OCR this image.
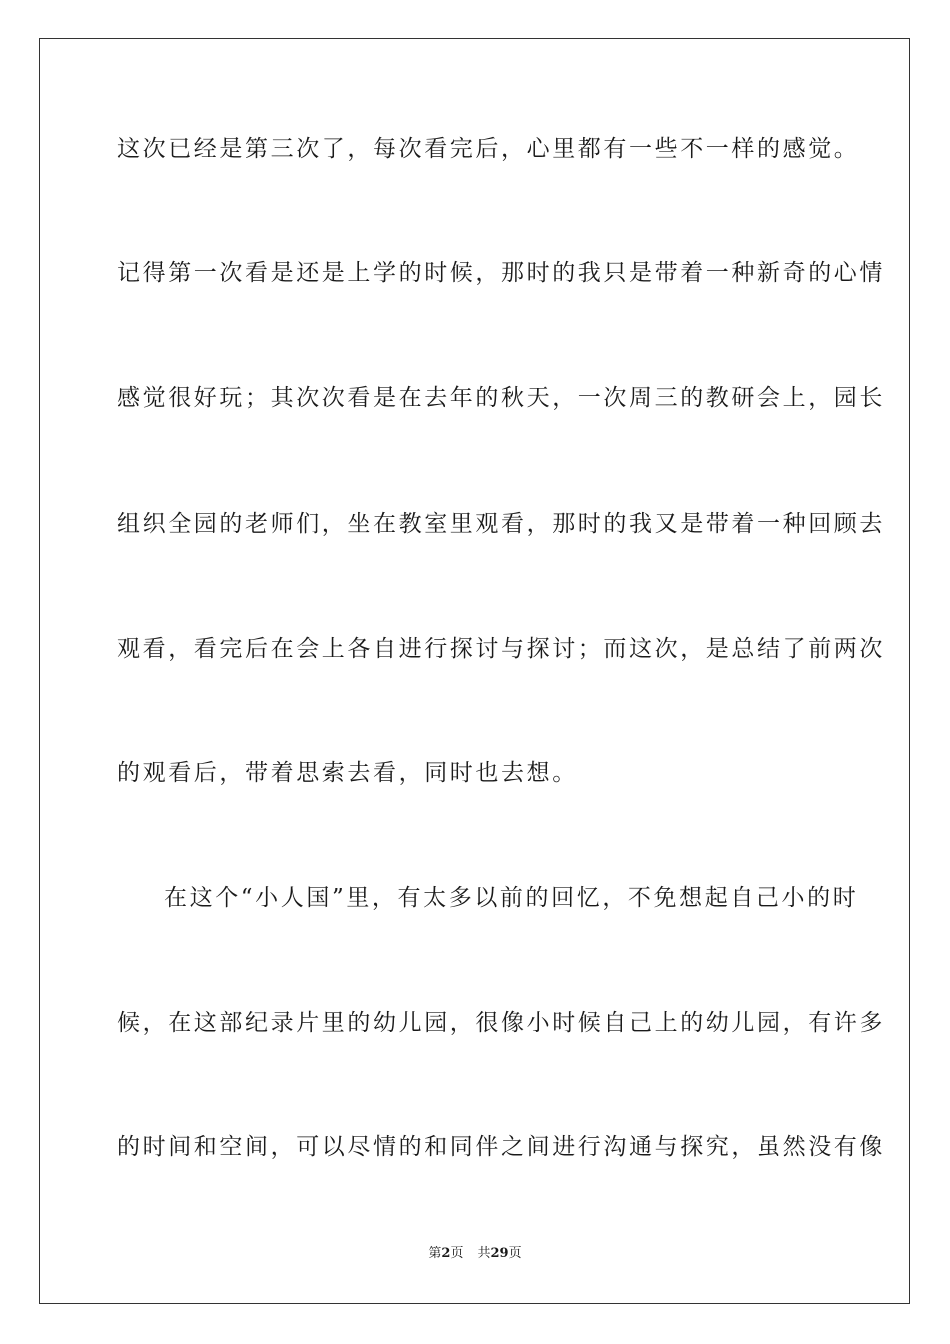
这次已经是第三次了，每次看完后，心里都有一些不一样的感觉。
记得第一次看是还是上学的时候，那时的我只是带着一种新奇的心情
感觉很好玩；其次次看是在去年的秋天，一次周三的教研会上，园长
组织全园的老师们，坐在教室里观看，那时的我又是带着一种回顾去
观看，看完后在会上各自进行探讨与探讨；而这次，是总结了前两次
的观看后，带着思索去看，同时也去想。
在这个“小人国”里，有太多以前的回忆，不免想起自己小的时
候，在这部纪录片里的幼儿园，很像小时候自己上的幼儿园，有许多
的时间和空间，可以尽情的和同伴之间进行沟通与探究，虽然没有像
第2页 共29页
